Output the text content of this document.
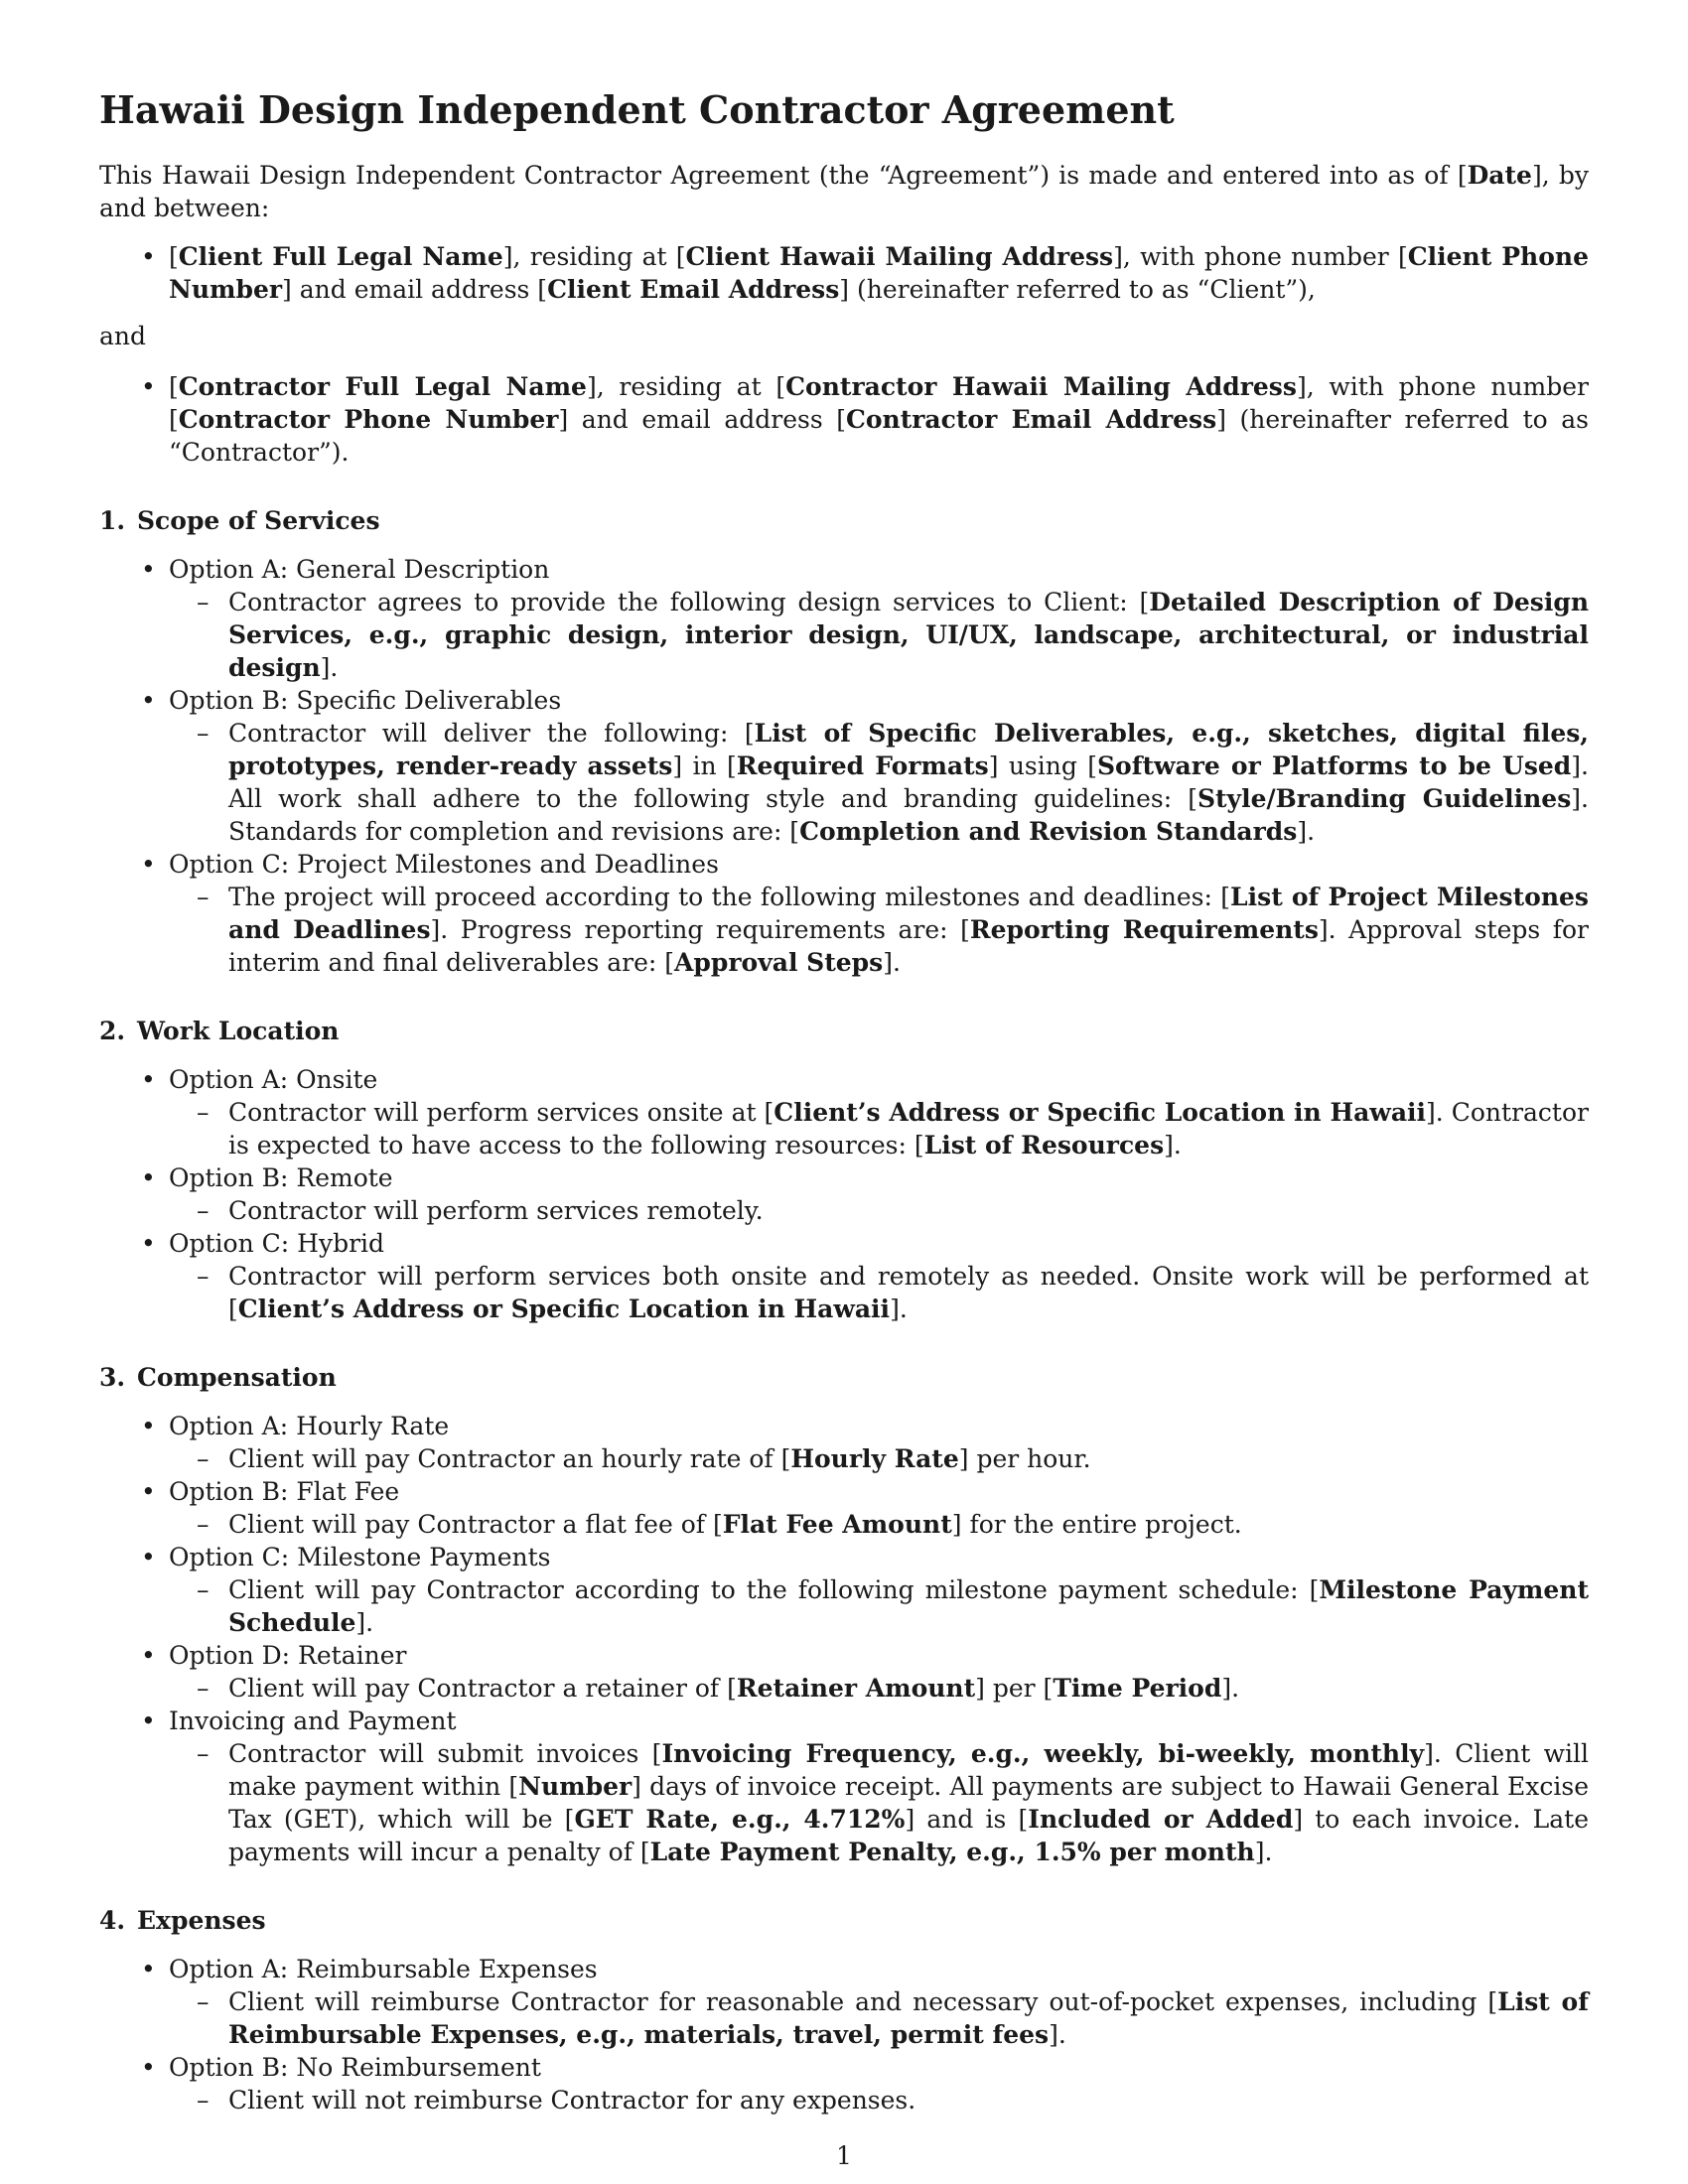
Hawaii Design Independent Contractor Agreement

This Hawaii Design Independent Contractor Agreement (the “Agreement”) is made and entered into as of [Date], by and between:

• [Client Full Legal Name], residing at [Client Hawaii Mailing Address], with phone number [Client Phone Number] and email address [Client Email Address] (hereinafter referred to as “Client”),

and

• [Contractor Full Legal Name], residing at [Contractor Hawaii Mailing Address], with phone number [Contractor Phone Number] and email address [Contractor Email Address] (hereinafter referred to as “Contractor”).
1. Scope of Services
• Option A: General Description
– Contractor agrees to provide the following design services to Client: [Detailed Description of Design Services, e.g., graphic design, interior design, UI/UX, landscape, architectural, or industrial design].
• Option B: Specific Deliverables
– Contractor will deliver the following: [List of Specific Deliverables, e.g., sketches, digital files, prototypes, render-ready assets] in [Required Formats] using [Software or Platforms to be Used]. All work shall adhere to the following style and branding guidelines: [Style/Branding Guidelines]. Standards for completion and revisions are: [Completion and Revision Standards].
• Option C: Project Milestones and Deadlines
– The project will proceed according to the following milestones and deadlines: [List of Project Milestones and Deadlines]. Progress reporting requirements are: [Reporting Requirements]. Approval steps for interim and final deliverables are: [Approval Steps].
2. Work Location
• Option A: Onsite
– Contractor will perform services onsite at [Client’s Address or Specific Location in Hawaii]. Contractor is expected to have access to the following resources: [List of Resources].
• Option B: Remote
– Contractor will perform services remotely.
• Option C: Hybrid
– Contractor will perform services both onsite and remotely as needed. Onsite work will be performed at [Client’s Address or Specific Location in Hawaii].
3. Compensation
• Option A: Hourly Rate
– Client will pay Contractor an hourly rate of [Hourly Rate] per hour.
• Option B: Flat Fee
– Client will pay Contractor a flat fee of [Flat Fee Amount] for the entire project.
• Option C: Milestone Payments
– Client will pay Contractor according to the following milestone payment schedule: [Milestone Payment Schedule].
• Option D: Retainer
– Client will pay Contractor a retainer of [Retainer Amount] per [Time Period].
• Invoicing and Payment
– Contractor will submit invoices [Invoicing Frequency, e.g., weekly, bi-weekly, monthly]. Client will make payment within [Number] days of invoice receipt. All payments are subject to Hawaii General Excise Tax (GET), which will be [GET Rate, e.g., 4.712%] and is [Included or Added] to each invoice. Late payments will incur a penalty of [Late Payment Penalty, e.g., 1.5% per month].
4. Expenses
• Option A: Reimbursable Expenses
– Client will reimburse Contractor for reasonable and necessary out-of-pocket expenses, including [List of Reimbursable Expenses, e.g., materials, travel, permit fees].
• Option B: No Reimbursement
– Client will not reimburse Contractor for any expenses.
1
